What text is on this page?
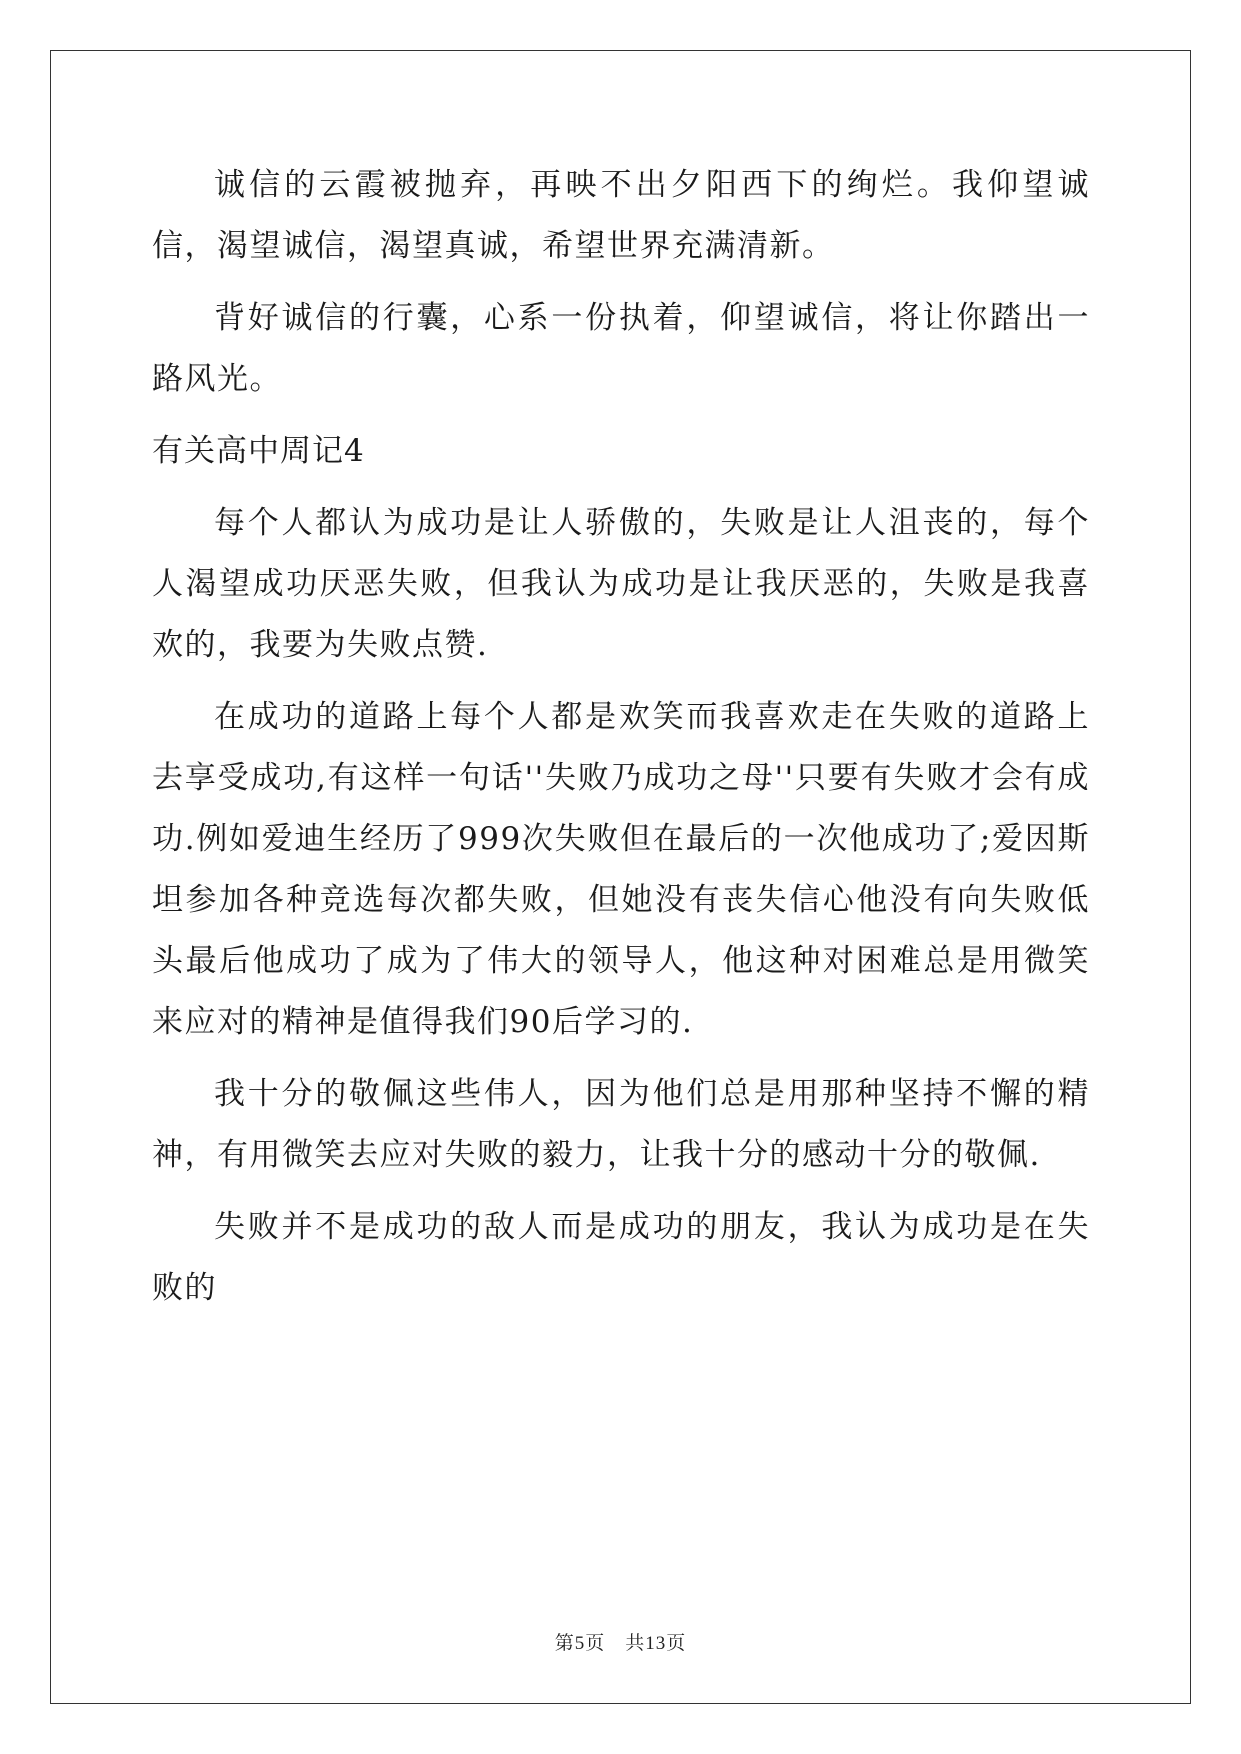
诚信的云霞被抛弃，再映不出夕阳西下的绚烂。我仰望诚信，渴望诚信，渴望真诚，希望世界充满清新。

背好诚信的行囊，心系一份执着，仰望诚信，将让你踏出一路风光。

有关高中周记4

每个人都认为成功是让人骄傲的，失败是让人沮丧的，每个人渴望成功厌恶失败，但我认为成功是让我厌恶的，失败是我喜欢的，我要为失败点赞.

在成功的道路上每个人都是欢笑而我喜欢走在失败的道路上去享受成功,有这样一句话''失败乃成功之母''只要有失败才会有成功.例如爱迪生经历了999次失败但在最后的一次他成功了;爱因斯坦参加各种竞选每次都失败，但她没有丧失信心他没有向失败低头最后他成功了成为了伟大的领导人，他这种对困难总是用微笑来应对的精神是值得我们90后学习的.

我十分的敬佩这些伟人，因为他们总是用那种坚持不懈的精神，有用微笑去应对失败的毅力，让我十分的感动十分的敬佩.

失败并不是成功的敌人而是成功的朋友，我认为成功是在失败的

第5页　共13页
